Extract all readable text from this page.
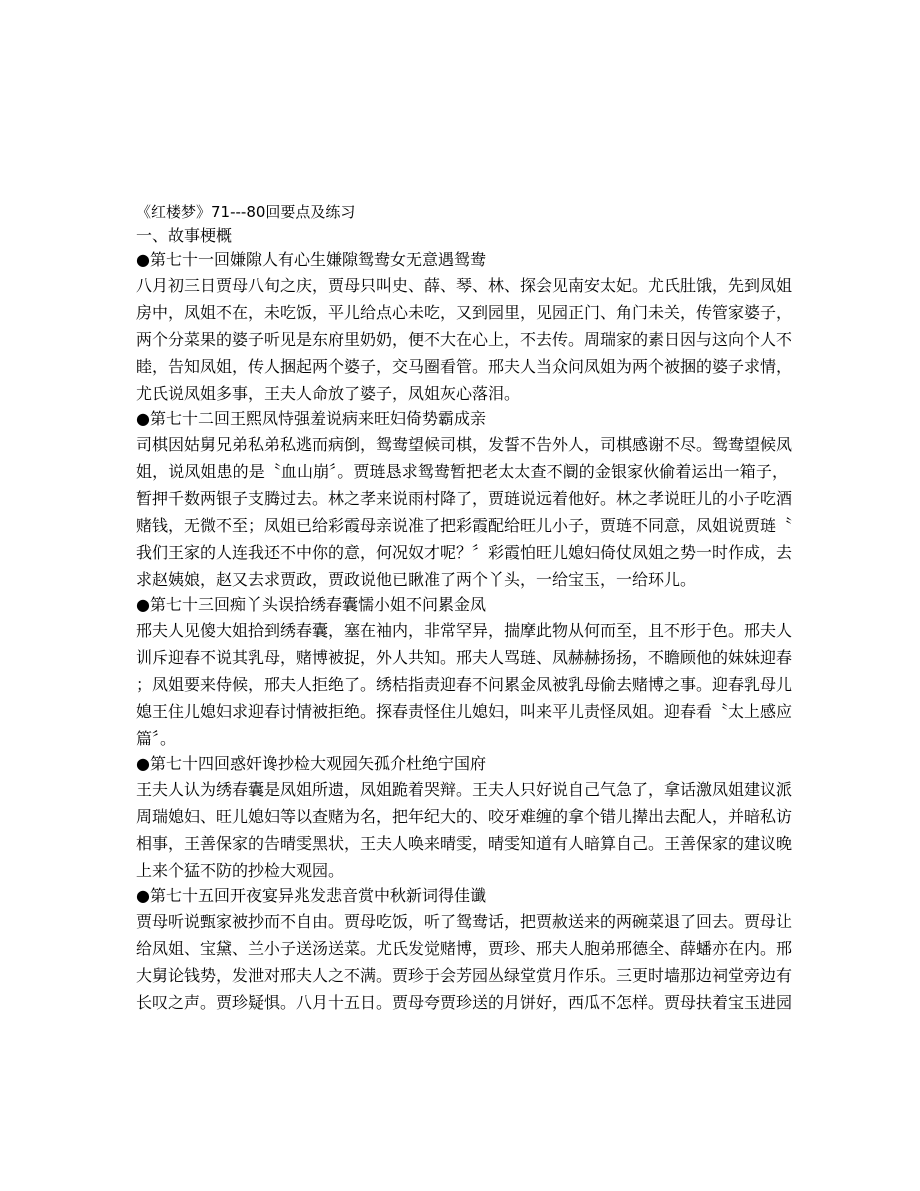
《红楼梦》71---80回要点及练习
一、故事梗概
●第七十一回嫌隙人有心生嫌隙鸳鸯女无意遇鸳鸯
八月初三日贾母八旬之庆，贾母只叫史、薛、琴、林、探会见南安太妃。尤氏肚饿，先到凤姐
房中，凤姐不在，未吃饭，平儿给点心未吃，又到园里，见园正门、角门未关，传管家婆子，
两个分菜果的婆子听见是东府里奶奶，便不大在心上，不去传。周瑞家的素日因与这向个人不
睦，告知凤姐，传人捆起两个婆子，交马圈看管。邢夫人当众问凤姐为两个被捆的婆子求情，
尤氏说凤姐多事，王夫人命放了婆子，凤姐灰心落泪。
●第七十二回王熙凤恃强羞说病来旺妇倚势霸成亲
司棋因姑舅兄弟私弟私逃而病倒，鸳鸯望候司棋，发誓不告外人，司棋感谢不尽。鸳鸯望候凤
姐，说凤姐患的是〝血山崩〞。贾琏恳求鸳鸯暂把老太太查不阛的金银家伙偷着运出一箱子，
暂押千数两银子支腾过去。林之孝来说雨村降了，贾琏说远着他好。林之孝说旺儿的小子吃酒
赌钱，无微不至；凤姐已给彩霞母亲说准了把彩霞配给旺儿小子，贾琏不同意，凤姐说贾琏〝
我们王家的人连我还不中你的意，何况奴才呢？〞彩霞怕旺儿媳妇倚仗凤姐之势一时作成，去
求赵姨娘，赵又去求贾政，贾政说他已瞅准了两个丫头，一给宝玉，一给环儿。
●第七十三回痴丫头误拾绣春囊懦小姐不问累金凤
邢夫人见傻大姐拾到绣春囊，塞在袖内，非常罕异，揣摩此物从何而至，且不形于色。邢夫人
训斥迎春不说其乳母，赌博被捉，外人共知。邢夫人骂琏、凤赫赫扬扬，不瞻顾他的妹妹迎春
；凤姐要来侍候，邢夫人拒绝了。绣桔指责迎春不问累金凤被乳母偷去赌博之事。迎春乳母儿
媳王住儿媳妇求迎春讨情被拒绝。探春责怪住儿媳妇，叫来平儿责怪凤姐。迎春看〝太上感应
篇〞。
●第七十四回惑奸谗抄检大观园矢孤介杜绝宁国府
王夫人认为绣春囊是凤姐所遗，凤姐跪着哭辩。王夫人只好说自己气急了，拿话激凤姐建议派
周瑞媳妇、旺儿媳妇等以查赌为名，把年纪大的、咬牙难缠的拿个错儿撵出去配人，并暗私访
相事，王善保家的告晴雯黑状，王夫人唤来晴雯，晴雯知道有人暗算自己。王善保家的建议晚
上来个猛不防的抄检大观园。
●第七十五回开夜宴异兆发悲音赏中秋新词得佳谶
贾母听说甄家被抄而不自由。贾母吃饭，听了鸳鸯话，把贾赦送来的两碗菜退了回去。贾母让
给凤姐、宝黛、兰小子送汤送菜。尤氏发觉赌博，贾珍、邢夫人胞弟邢德全、薛蟠亦在内。邢
大舅论钱势，发泄对邢夫人之不满。贾珍于会芳园丛绿堂赏月作乐。三更时墙那边祠堂旁边有
长叹之声。贾珍疑惧。八月十五日。贾母夸贾珍送的月饼好，西瓜不怎样。贾母扶着宝玉进园
